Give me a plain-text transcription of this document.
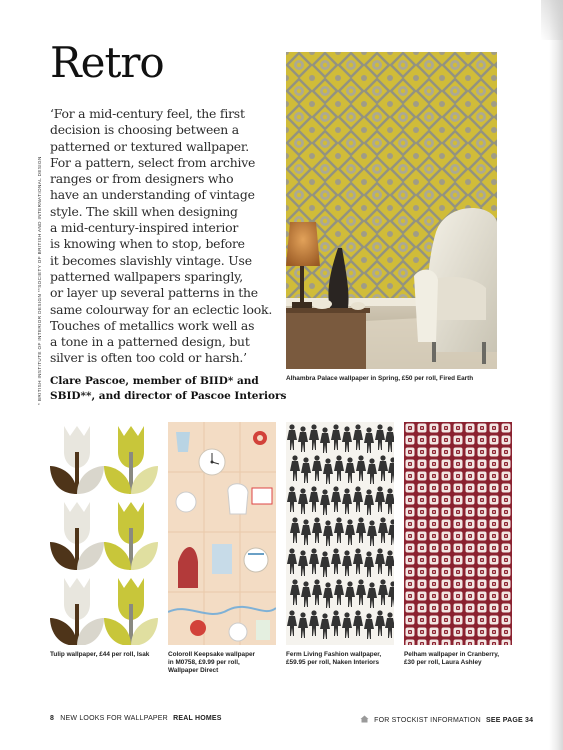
Retro
* BRITISH INSTITUTE OF INTERIOR DESIGN **SOCIETY OF BRITISH AND INTERNATIONAL DESIGN
‘For a mid-century feel, the first
decision is choosing between a
patterned or textured wallpaper.
For a pattern, select from archive
ranges or from designers who
have an understanding of vintage
style. The skill when designing
a mid-century-inspired interior
is knowing when to stop, before
it becomes slavishly vintage. Use
patterned wallpapers sparingly,
or layer up several patterns in the
same colourway for an eclectic look.
Touches of metallics work well as
a tone in a patterned design, but
silver is often too cold or harsh.’
Clare Pascoe, member of BIID* and
SBID**, and director of Pascoe Interiors
Alhambra Palace wallpaper in Spring, £50 per roll, Fired Earth
Tulip wallpaper, £44 per roll, Isak	Coloroll Keepsake wallpaper
in M0758, £9.99 per roll,
Wallpaper Direct
Ferm Living Fashion wallpaper,
£59.95 per roll, Naken Interiors
Pelham wallpaper in Cranberry,
£30 per roll, Laura Ashley
8 NEW LOOKS FOR WALLPAPER REAL HOMES	FOR STOCKIST INFORMATION SEE PAGE 34
